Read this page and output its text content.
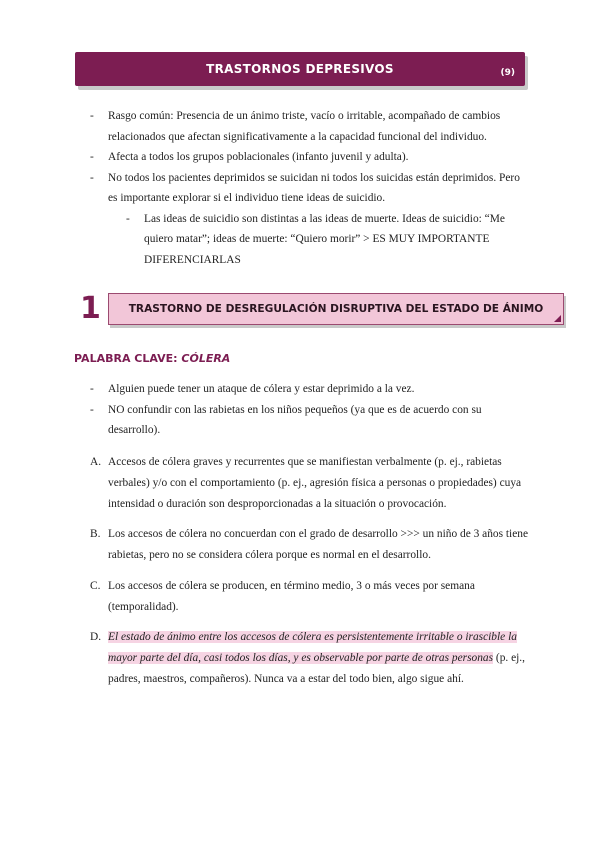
TRASTORNOS DEPRESIVOS	(9)
- Rasgo común: Presencia de un ánimo triste, vacío o irritable, acompañado de cambios relacionados que afectan significativamente a la capacidad funcional del individuo.
- Afecta a todos los grupos poblacionales (infanto juvenil y adulta).
- No todos los pacientes deprimidos se suicidan ni todos los suicidas están deprimidos. Pero es importante explorar si el individuo tiene ideas de suicidio.
- Las ideas de suicidio son distintas a las ideas de muerte. Ideas de suicidio: “Me quiero matar”; ideas de muerte: “Quiero morir” > ES MUY IMPORTANTE DIFERENCIARLAS
1	TRASTORNO DE DESREGULACIÓN DISRUPTIVA DEL ESTADO DE ÁNIMO
PALABRA CLAVE: CÓLERA
- Alguien puede tener un ataque de cólera y estar deprimido a la vez.
- NO confundir con las rabietas en los niños pequeños (ya que es de acuerdo con su desarrollo).
A. Accesos de cólera graves y recurrentes que se manifiestan verbalmente (p. ej., rabietas verbales) y/o con el comportamiento (p. ej., agresión física a personas o propiedades) cuya intensidad o duración son desproporcionadas a la situación o provocación.
B. Los accesos de cólera no concuerdan con el grado de desarrollo >>> un niño de 3 años tiene rabietas, pero no se considera cólera porque es normal en el desarrollo.
C. Los accesos de cólera se producen, en término medio, 3 o más veces por semana (temporalidad).
D. El estado de ánimo entre los accesos de cólera es persistentemente irritable o irascible la mayor parte del día, casi todos los días, y es observable por parte de otras personas (p. ej., padres, maestros, compañeros). Nunca va a estar del todo bien, algo sigue ahí.
